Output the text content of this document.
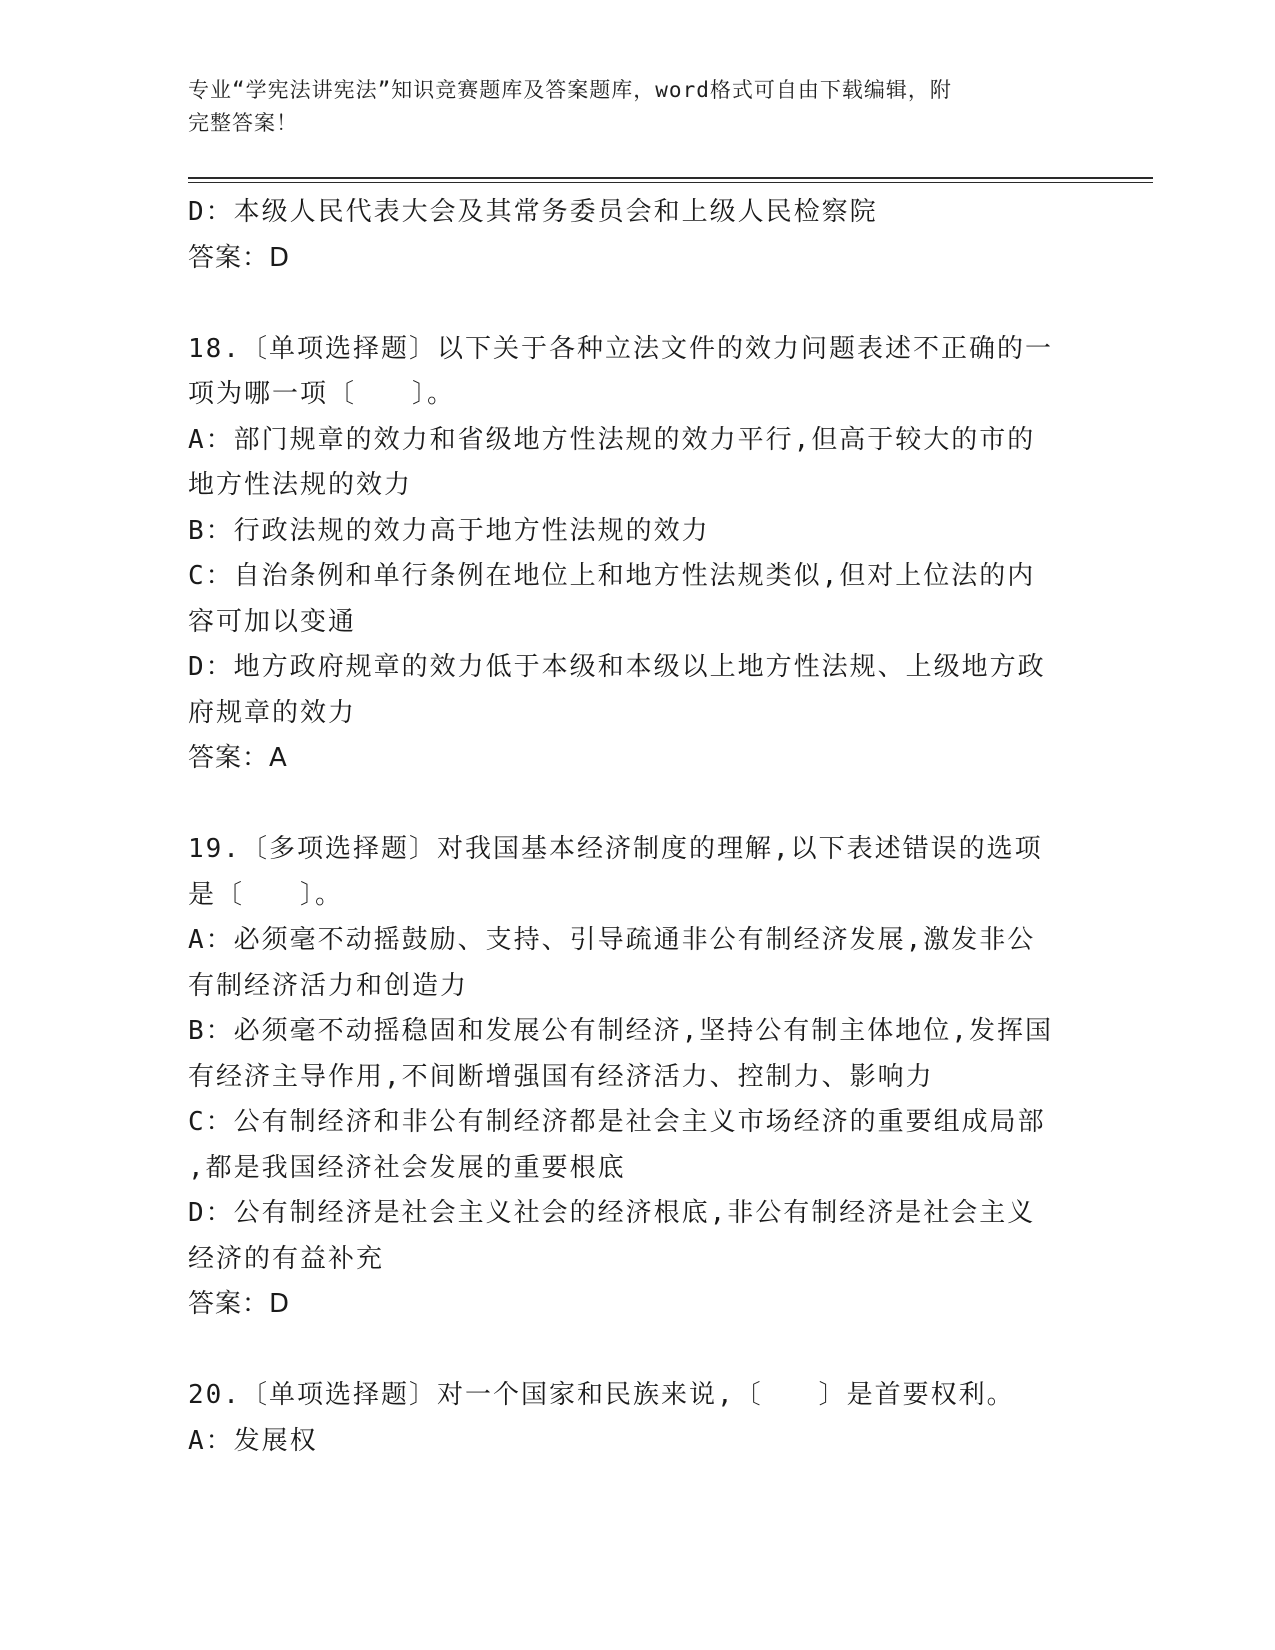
专业“学宪法讲宪法”知识竞赛题库及答案题库，word格式可自由下载编辑，附
完整答案！
D：本级人民代表大会及其常务委员会和上级人民检察院
答案：D
18.〔单项选择题〕以下关于各种立法文件的效力问题表述不正确的一
项为哪一项〔　　〕。
A：部门规章的效力和省级地方性法规的效力平行,但高于较大的市的
地方性法规的效力
B：行政法规的效力高于地方性法规的效力
C：自治条例和单行条例在地位上和地方性法规类似,但对上位法的内
容可加以变通
D：地方政府规章的效力低于本级和本级以上地方性法规、上级地方政
府规章的效力
答案：A
19.〔多项选择题〕对我国基本经济制度的理解,以下表述错误的选项
是〔　　〕。
A：必须毫不动摇鼓励、支持、引导疏通非公有制经济发展,激发非公
有制经济活力和创造力
B：必须毫不动摇稳固和发展公有制经济,坚持公有制主体地位,发挥国
有经济主导作用,不间断增强国有经济活力、控制力、影响力
C：公有制经济和非公有制经济都是社会主义市场经济的重要组成局部
,都是我国经济社会发展的重要根底
D：公有制经济是社会主义社会的经济根底,非公有制经济是社会主义
经济的有益补充
答案：D
20.〔单项选择题〕对一个国家和民族来说,〔　　〕是首要权利。
A：发展权
